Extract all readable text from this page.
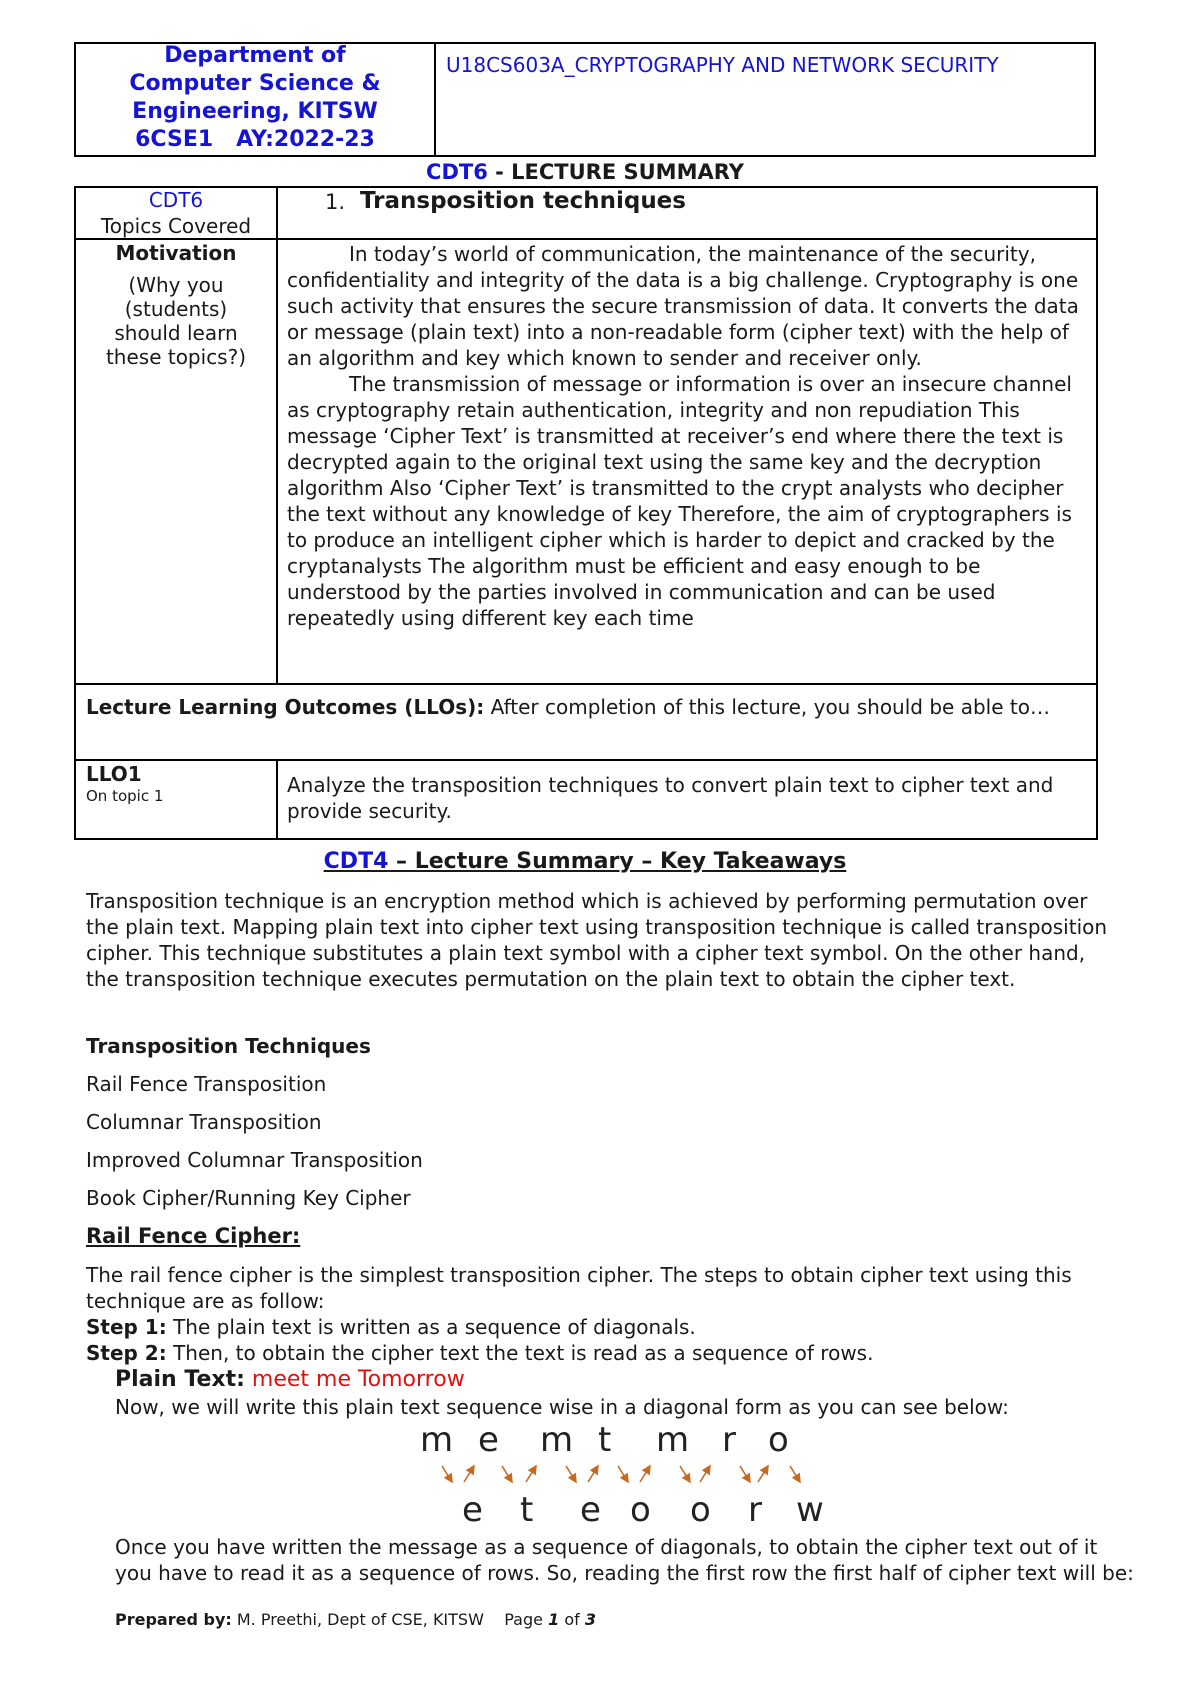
Department of
Computer Science &
Engineering, KITSW
6CSE1   AY:2022-23
U18CS603A_CRYPTOGRAPHY AND NETWORK SECURITY
CDT6 - LECTURE SUMMARY
CDT6
Topics Covered
1. Transposition techniques
Motivation
(Why you (students) should learn these topics?)

In today’s world of communication, the maintenance of the security, confidentiality and integrity of the data is a big challenge. Cryptography is one such activity that ensures the secure transmission of data. It converts the data or message (plain text) into a non-readable form (cipher text) with the help of an algorithm and key which known to sender and receiver only.

The transmission of message or information is over an insecure channel as cryptography retain authentication, integrity and non repudiation This message ‘Cipher Text’ is transmitted at receiver’s end where there the text is decrypted again to the original text using the same key and the decryption algorithm Also ‘Cipher Text’ is transmitted to the crypt analysts who decipher the text without any knowledge of key Therefore, the aim of cryptographers is to produce an intelligent cipher which is harder to depict and cracked by the cryptanalysts The algorithm must be efficient and easy enough to be understood by the parties involved in communication and can be used repeatedly using different key each time

Lecture Learning Outcomes (LLOs): After completion of this lecture, you should be able to…
LLO1
On topic 1	Analyze the transposition techniques to convert plain text to cipher text and provide security.
CDT4 – Lecture Summary – Key Takeaways
Transposition technique is an encryption method which is achieved by performing permutation over the plain text. Mapping plain text into cipher text using transposition technique is called transposition cipher. This technique substitutes a plain text symbol with a cipher text symbol. On the other hand, the transposition technique executes permutation on the plain text to obtain the cipher text.
Transposition Techniques
Rail Fence Transposition
Columnar Transposition
Improved Columnar Transposition
Book Cipher/Running Key Cipher
Rail Fence Cipher:
The rail fence cipher is the simplest transposition cipher. The steps to obtain cipher text using this technique are as follow:
Step 1: The plain text is written as a sequence of diagonals.
Step 2: Then, to obtain the cipher text the text is read as a sequence of rows.
Plain Text: meet me Tomorrow
Now, we will write this plain text sequence wise in a diagonal form as you can see below:
m e m t m r o
e t e o o r w
Once you have written the message as a sequence of diagonals, to obtain the cipher text out of it you have to read it as a sequence of rows. So, reading the first row the first half of cipher text will be:
Prepared by: M. Preethi, Dept of CSE, KITSW Page 1 of 3
